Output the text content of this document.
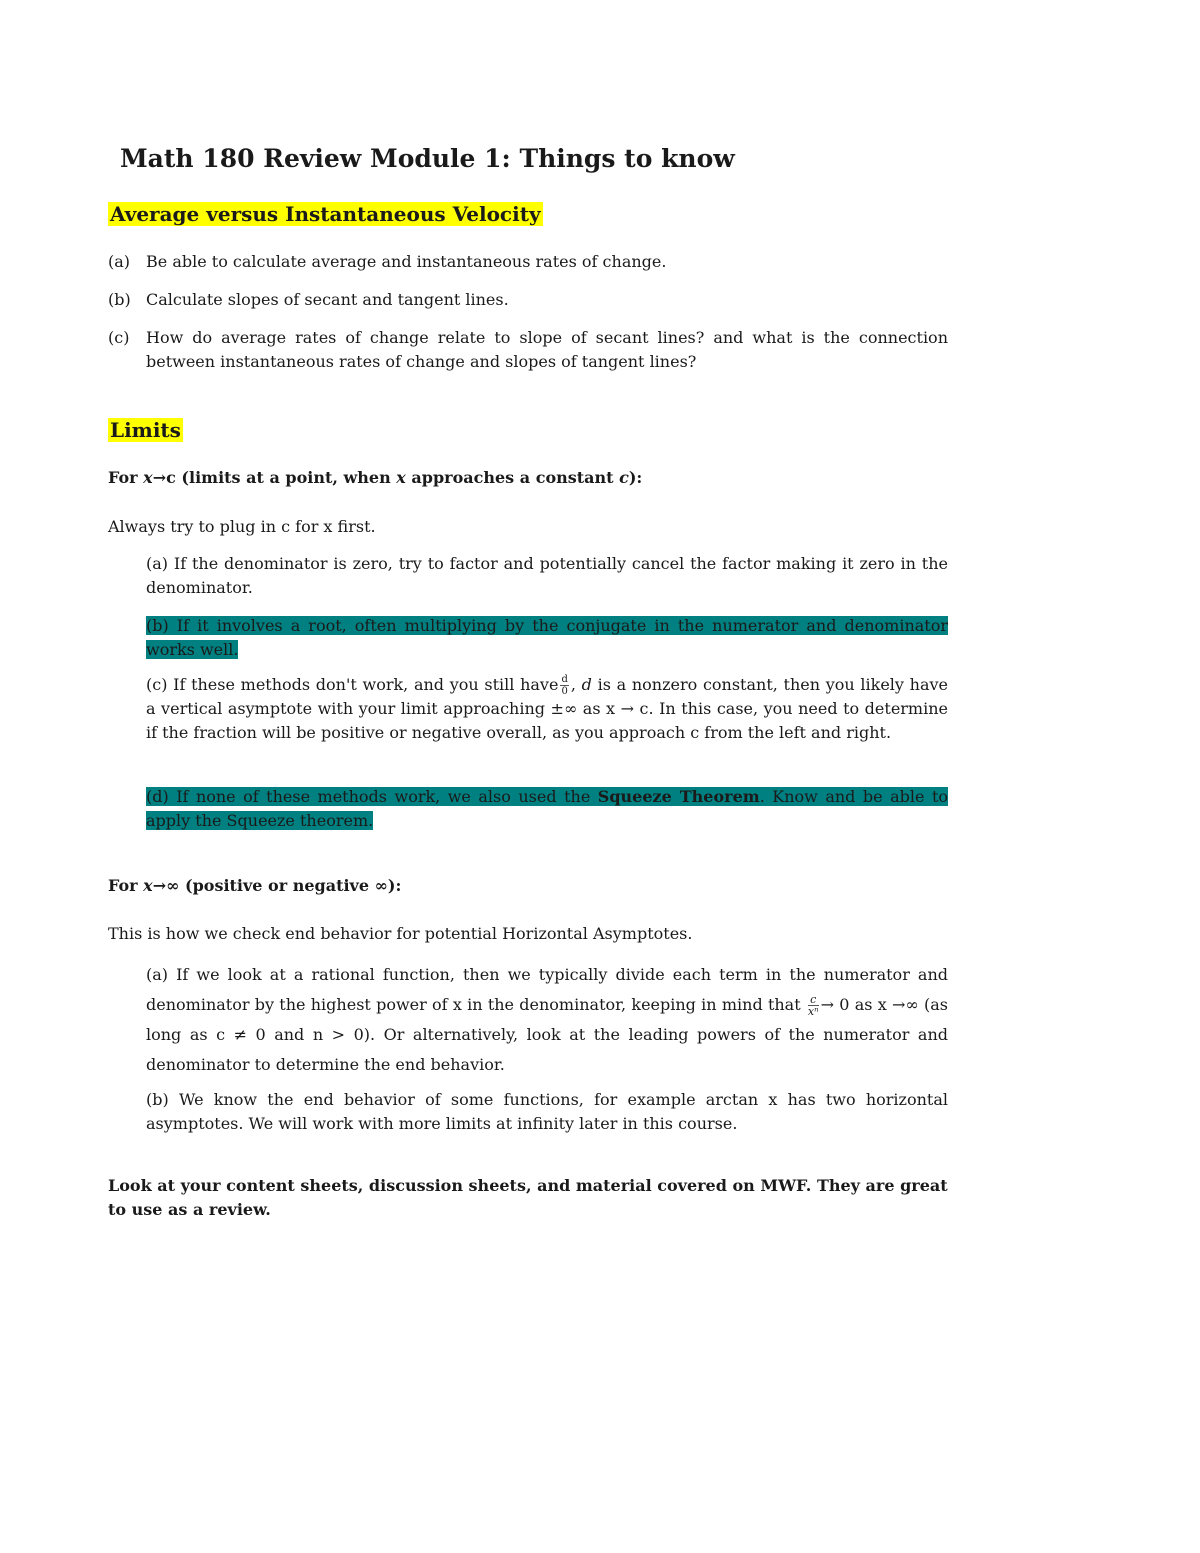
Math 180 Review Module 1: Things to know
Average versus Instantaneous Velocity
(a) Be able to calculate average and instantaneous rates of change.
(b) Calculate slopes of secant and tangent lines.
(c) How do average rates of change relate to slope of secant lines? and what is the connection between instantaneous rates of change and slopes of tangent lines?
Limits
For x→c (limits at a point, when x approaches a constant c):
Always try to plug in c for x first.
(a) If the denominator is zero, try to factor and potentially cancel the factor making it zero in the denominator.
(b) If it involves a root, often multiplying by the conjugate in the numerator and denominator works well.
(c) If these methods don't work, and you still have $\frac{d}{0}$ , d is a nonzero constant, then you likely have a vertical asymptote with your limit approaching ±∞ as x → c. In this case, you need to determine if the fraction will be positive or negative overall, as you approach c from the left and right.
(d) If none of these methods work, we also used the Squeeze Theorem. Know and be able to apply the Squeeze theorem.
For x→∞ (positive or negative ∞):
This is how we check end behavior for potential Horizontal Asymptotes.
(a) If we look at a rational function, then we typically divide each term in the numerator and denominator by the highest power of x in the denominator, keeping in mind that $\frac{c}{\text{xⁿ}} \to 0$ as x →∞ (as long as c ≠ 0 and n > 0). Or alternatively, look at the leading powers of the numerator and denominator to determine the end behavior.
(b) We know the end behavior of some functions, for example arctan x has two horizontal asymptotes. We will work with more limits at infinity later in this course.
Look at your content sheets, discussion sheets, and material covered on MWF. They are great to use as a review.
